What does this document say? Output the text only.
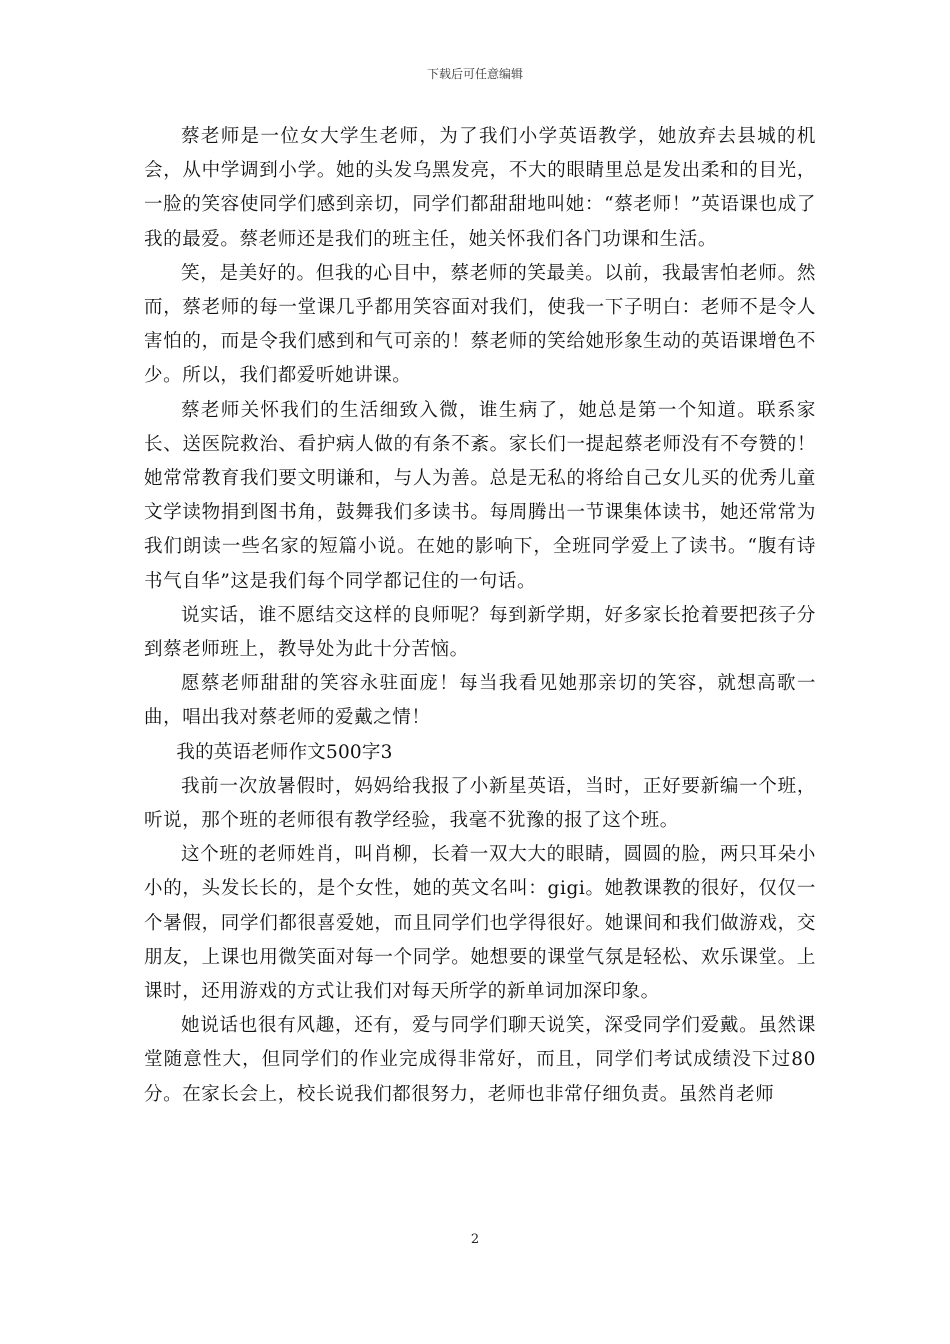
下载后可任意编辑

蔡老师是一位女大学生老师，为了我们小学英语教学，她放弃去县城的机会，从中学调到小学。她的头发乌黑发亮，不大的眼睛里总是发出柔和的目光，一脸的笑容使同学们感到亲切，同学们都甜甜地叫她：“蔡老师！”英语课也成了我的最爱。蔡老师还是我们的班主任，她关怀我们各门功课和生活。

笑，是美好的。但我的心目中，蔡老师的笑最美。以前，我最害怕老师。然而，蔡老师的每一堂课几乎都用笑容面对我们，使我一下子明白：老师不是令人害怕的，而是令我们感到和气可亲的！蔡老师的笑给她形象生动的英语课增色不少。所以，我们都爱听她讲课。

蔡老师关怀我们的生活细致入微，谁生病了，她总是第一个知道。联系家长、送医院救治、看护病人做的有条不紊。家长们一提起蔡老师没有不夸赞的！她常常教育我们要文明谦和，与人为善。总是无私的将给自己女儿买的优秀儿童文学读物捐到图书角，鼓舞我们多读书。每周腾出一节课集体读书，她还常常为我们朗读一些名家的短篇小说。在她的影响下，全班同学爱上了读书。“腹有诗书气自华”这是我们每个同学都记住的一句话。

说实话，谁不愿结交这样的良师呢？每到新学期，好多家长抢着要把孩子分到蔡老师班上，教导处为此十分苦恼。

愿蔡老师甜甜的笑容永驻面庞！每当我看见她那亲切的笑容，就想高歌一曲，唱出我对蔡老师的爱戴之情！

我的英语老师作文500字3

我前一次放暑假时，妈妈给我报了小新星英语，当时，正好要新编一个班，听说，那个班的老师很有教学经验，我毫不犹豫的报了这个班。

这个班的老师姓肖，叫肖柳，长着一双大大的眼睛，圆圆的脸，两只耳朵小小的，头发长长的，是个女性，她的英文名叫：gigi。她教课教的很好，仅仅一个暑假，同学们都很喜爱她，而且同学们也学得很好。她课间和我们做游戏，交朋友，上课也用微笑面对每一个同学。她想要的课堂气氛是轻松、欢乐课堂。上课时，还用游戏的方式让我们对每天所学的新单词加深印象。

她说话也很有风趣，还有，爱与同学们聊天说笑，深受同学们爱戴。虽然课堂随意性大，但同学们的作业完成得非常好，而且，同学们考试成绩没下过80分。在家长会上，校长说我们都很努力，老师也非常仔细负责。虽然肖老师

2
